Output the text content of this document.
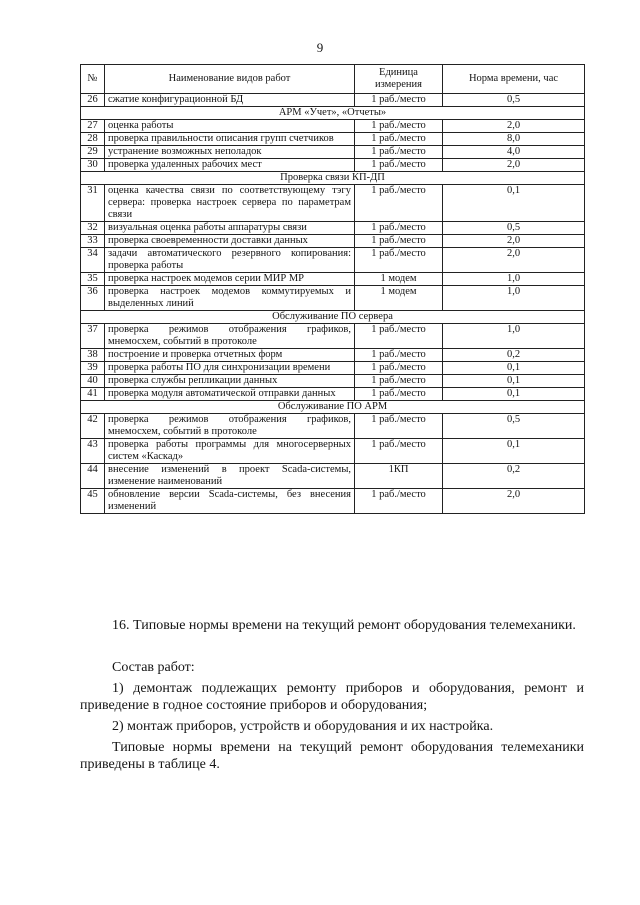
9
№	Наименование видов работ	Единица измерения	Норма времени, час
26	сжатие конфигурационной БД	1 раб./место	0,5
АРМ «Учет», «Отчеты»			
27	оценка работы	1 раб./место	2,0
28	проверка правильности описания групп счетчиков	1 раб./место	8,0
29	устранение возможных неполадок	1 раб./место	4,0
30	проверка удаленных рабочих мест	1 раб./место	2,0
Проверка связи КП-ДП			
31	оценка качества связи по соответствующему тэгу сервера: проверка настроек сервера по параметрам связи	1 раб./место	0,1
32	визуальная оценка работы аппаратуры связи	1 раб./место	0,5
33	проверка своевременности доставки данных	1 раб./место	2,0
34	задачи автоматического резервного копирования: проверка работы	1 раб./место	2,0
35	проверка настроек модемов серии МИР МР	1 модем	1,0
36	проверка настроек модемов коммутируемых и выделенных линий	1 модем	1,0
Обслуживание ПО сервера			
37	проверка режимов отображения графиков, мнемосхем, событий в протоколе	1 раб./место	1,0
38	построение и проверка отчетных форм	1 раб./место	0,2
39	проверка работы ПО для синхронизации времени	1 раб./место	0,1
40	проверка службы репликации данных	1 раб./место	0,1
41	проверка модуля автоматической отправки данных	1 раб./место	0,1
Обслуживание ПО АРМ			
42	проверка режимов отображения графиков, мнемосхем, событий в протоколе	1 раб./место	0,5
43	проверка работы программы для многосерверных систем «Каскад»	1 раб./место	0,1
44	внесение изменений в проект Scada-системы, изменение наименований	1КП	0,2
45	обновление версии Scada-системы, без внесения изменений	1 раб./место	2,0

16. Типовые нормы времени на текущий ремонт оборудования телемеханики.

Состав работ:

1) демонтаж подлежащих ремонту приборов и оборудования, ремонт и приведение в годное состояние приборов и оборудования;

2) монтаж приборов, устройств и оборудования и их настройка.

Типовые нормы времени на текущий ремонт оборудования телемеханики приведены в таблице 4.
